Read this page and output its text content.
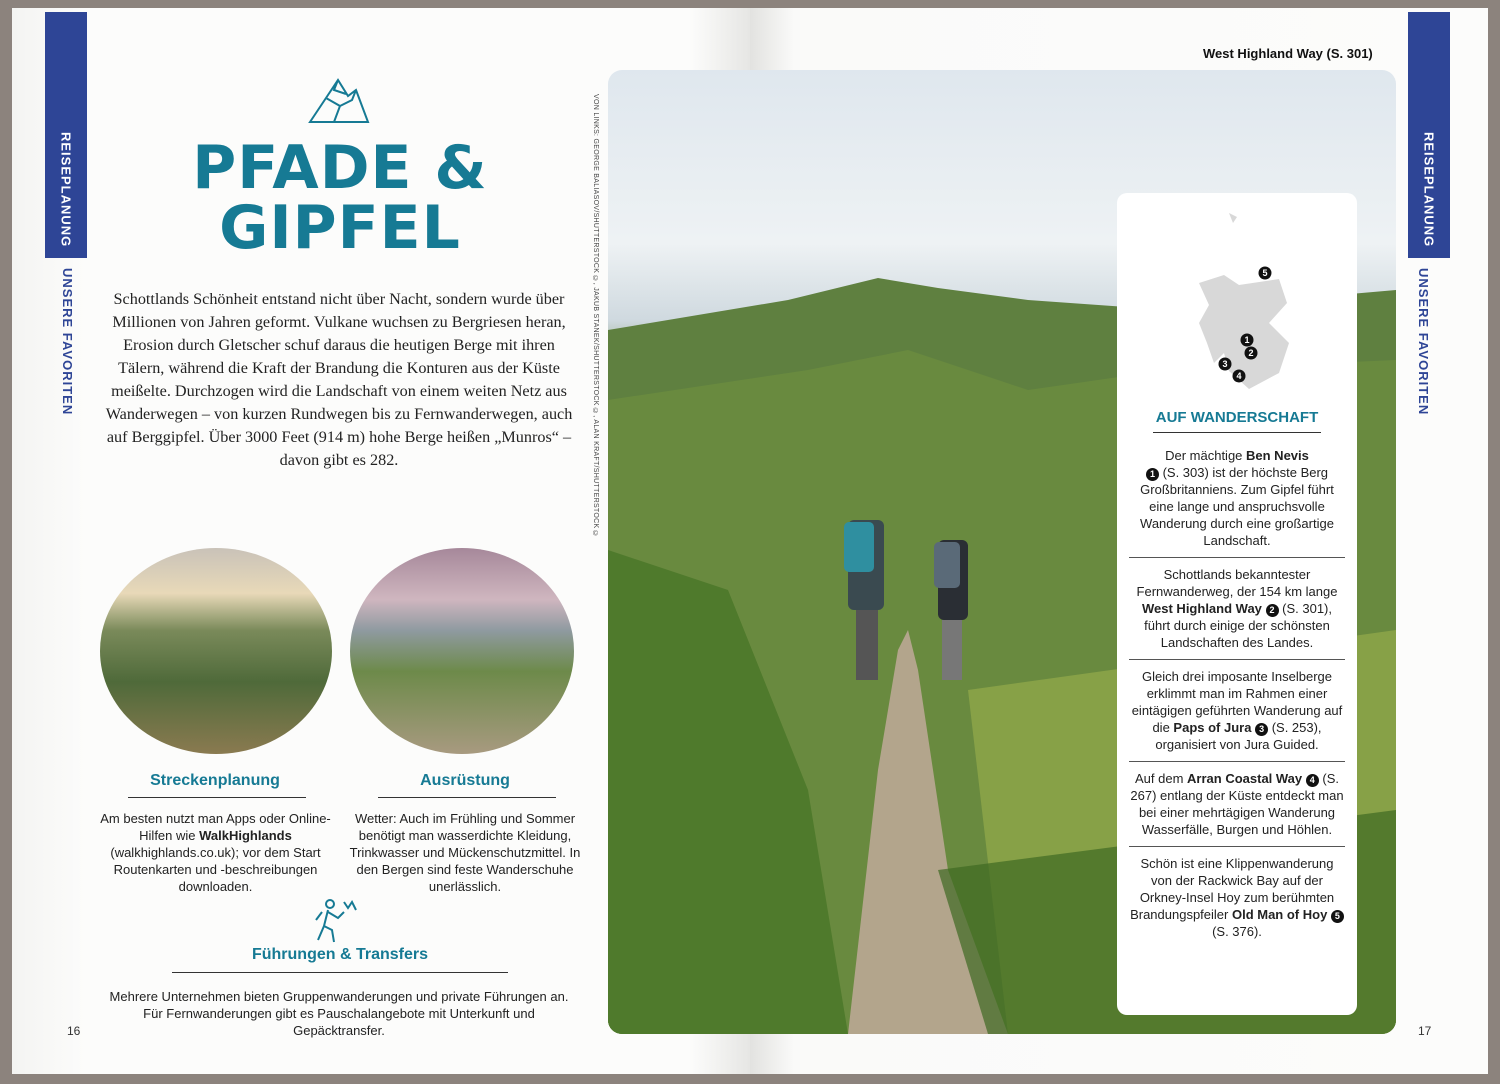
REISEPLANUNG
UNSERE FAVORITEN
PFADE &
GIPFEL

Schottlands Schönheit entstand nicht über Nacht, sondern wurde über Millionen von Jahren geformt. Vulkane wuchsen zu Bergriesen heran, Erosion durch Gletscher schuf daraus die heutigen Berge mit ihren Tälern, während die Kraft der Brandung die Konturen aus der Küste meißelte. Durchzogen wird die Landschaft von einem weiten Netz aus Wanderwegen – von kurzen Rundwegen bis zu Fernwanderwegen, auch auf Berggipfel. Über 3000 Feet (914 m) hohe Berge heißen „Munros“ – davon gibt es 282.

Streckenplanung
Am besten nutzt man Apps oder Online-Hilfen wie WalkHighlands (walkhighlands.co.uk); vor dem Start Routenkarten und -beschreibungen downloaden.
Ausrüstung
Wetter: Auch im Frühling und Sommer benötigt man wasserdichte Kleidung, Trinkwasser und Mückenschutzmittel. In den Bergen sind feste Wanderschuhe unerlässlich.
Führungen & Transfers
Mehrere Unternehmen bieten Gruppenwanderungen und private Führungen an. Für Fernwanderungen gibt es Pauschalangebote mit Unterkunft und Gepäcktransfer.
16
VON LINKS: GEORGE BALIASOV/SHUTTERSTOCK ©, JAKUB STANEK/SHUTTERSTOCK ©, ALAN KRAFT/SHUTTERSTOCK ©
West Highland Way (S. 301)
REISEPLANUNG
UNSERE FAVORITEN
17
1
2
3
4
5
AUF WANDERSCHAFT
Der mächtige Ben Nevis
1 (S. 303) ist der höchste Berg Großbritanniens. Zum Gipfel führt eine lange und anspruchsvolle Wanderung durch eine großartige Landschaft.
Schottlands bekanntester Fernwanderweg, der 154 km lange West Highland Way 2 (S. 301), führt durch einige der schönsten Landschaften des Landes.
Gleich drei imposante Inselberge erklimmt man im Rahmen einer eintägigen geführten Wanderung auf die Paps of Jura 3 (S. 253), organisiert von Jura Guided.
Auf dem Arran Coastal Way 4 (S. 267) entlang der Küste entdeckt man bei einer mehrtägigen Wanderung Wasserfälle, Burgen und Höhlen.
Schön ist eine Klippenwanderung von der Rackwick Bay auf der Orkney-Insel Hoy zum berühmten Brandungspfeiler Old Man of Hoy 5 (S. 376).
